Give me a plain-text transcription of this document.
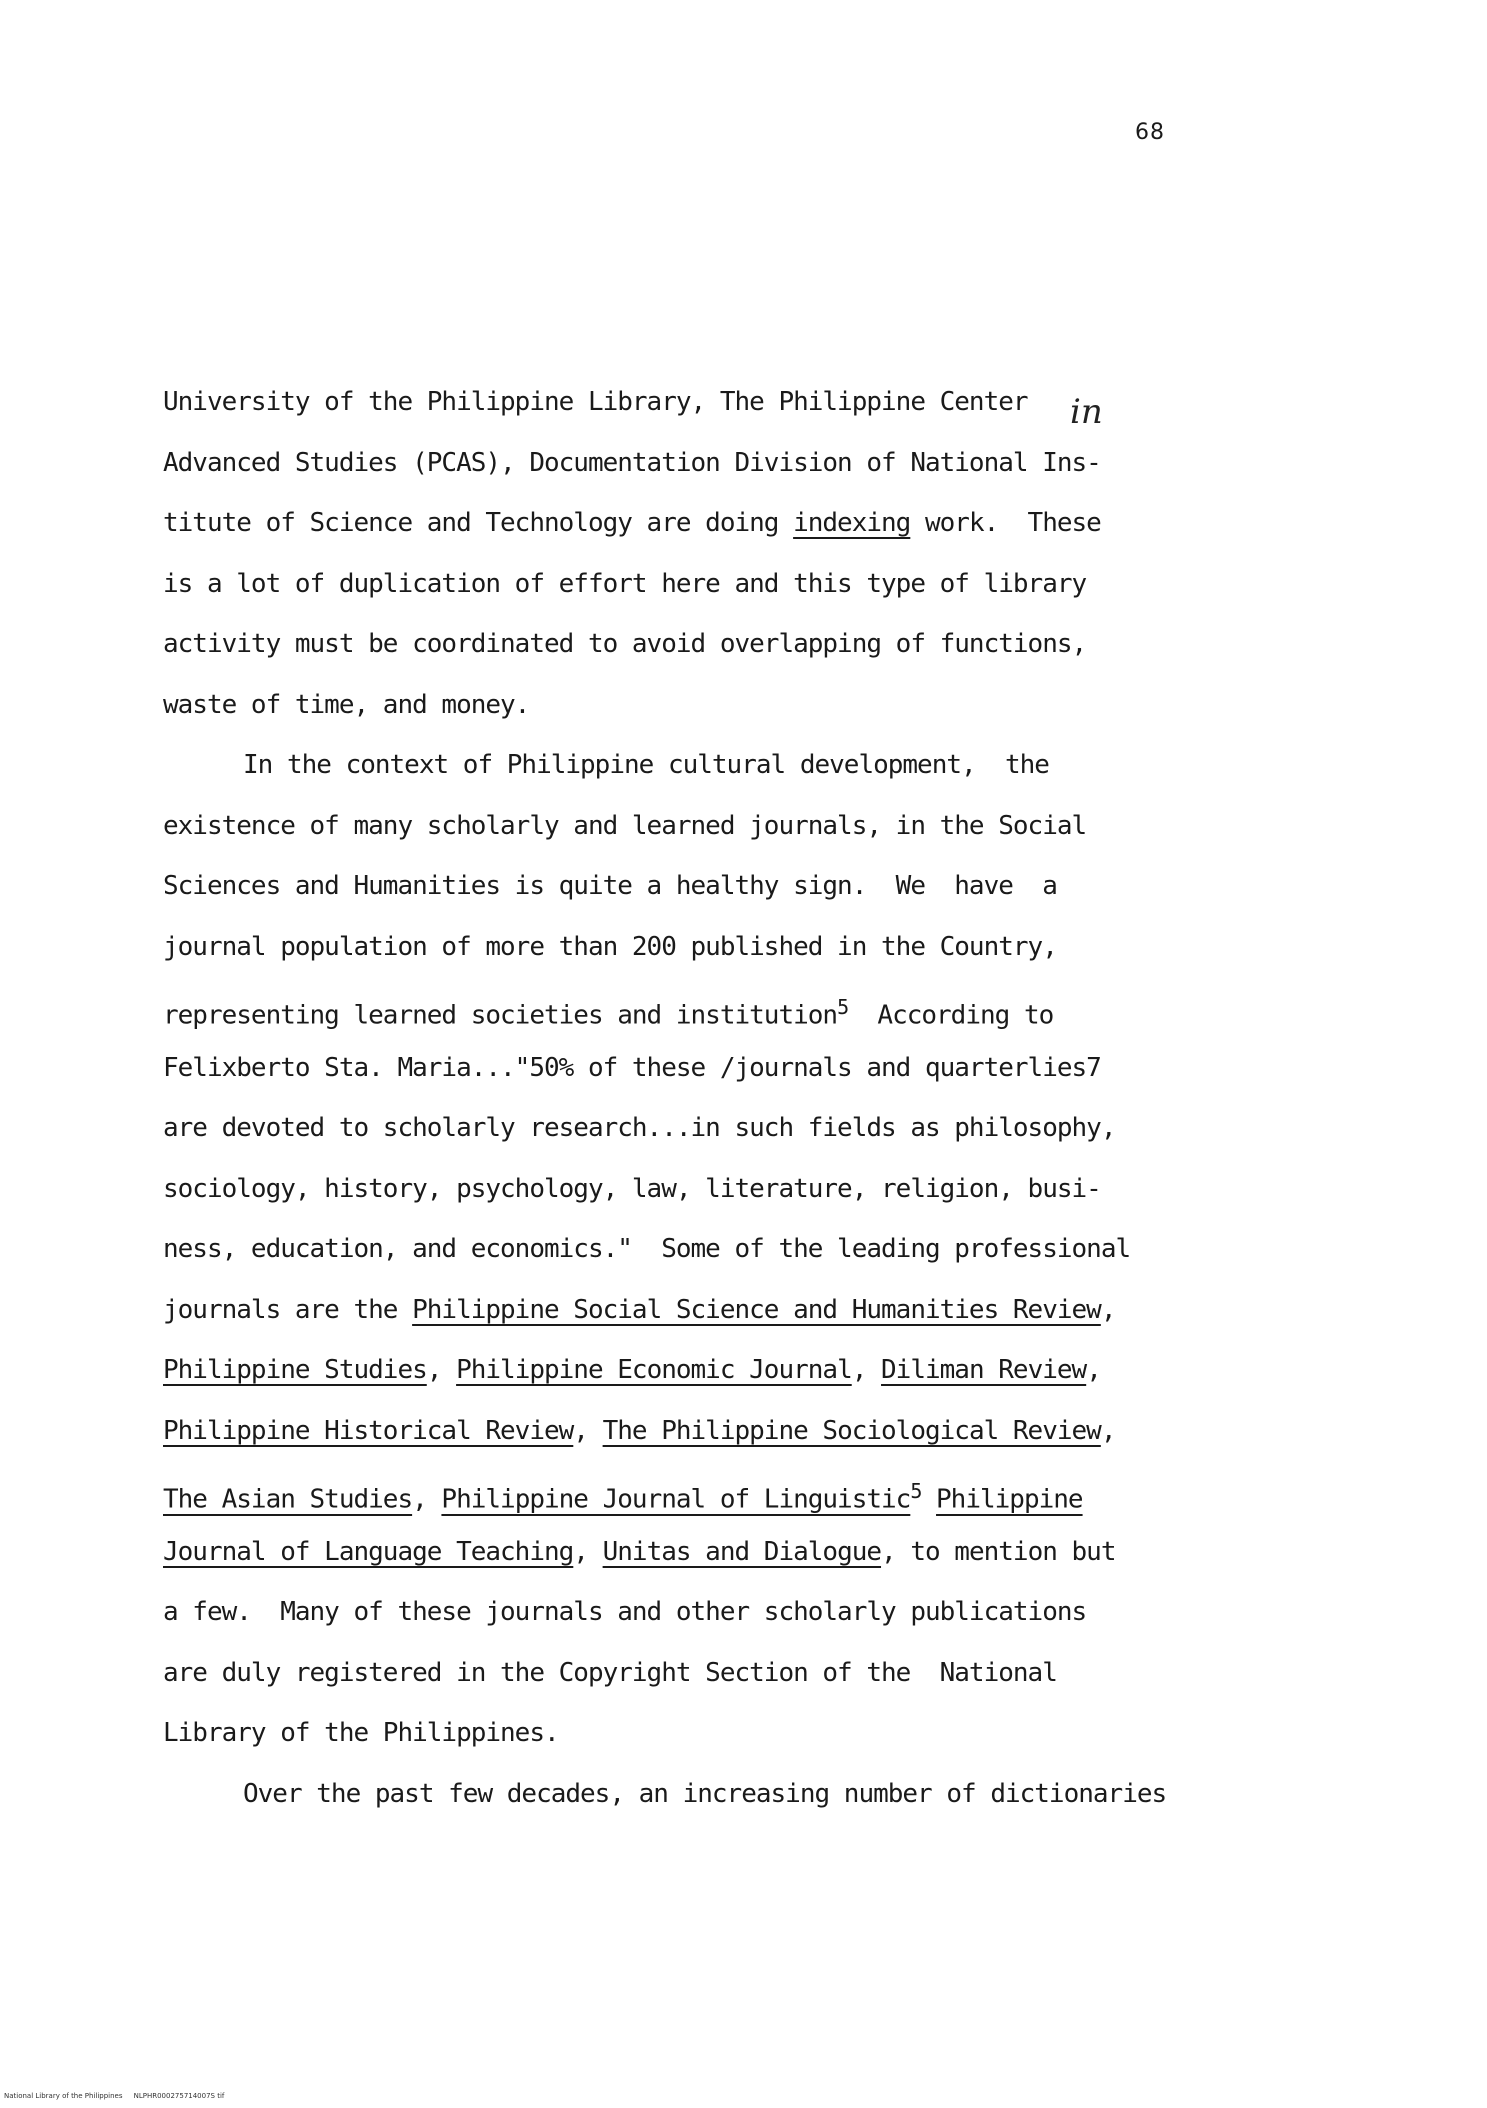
68
University of the Philippine Library, The Philippine Center
Advanced Studies (PCAS), Documentation Division of National Ins-
titute of Science and Technology are doing indexing work.  These
is a lot of duplication of effort here and this type of library
activity must be coordinated to avoid overlapping of functions,
waste of time, and money.
In the context of Philippine cultural development,  the
existence of many scholarly and learned journals, in the Social
Sciences and Humanities is quite a healthy sign.  We  have  a
journal population of more than 200 published in the Country,
representing learned societies and institution$^5$  According to
Felixberto Sta. Maria..."50% of these /journals and quarterlies7
are devoted to scholarly research...in such fields as philosophy,
sociology, history, psychology, law, literature, religion, busi-
ness, education, and economics."  Some of the leading professional
journals are the Philippine Social Science and Humanities Review,
Philippine Studies, Philippine Economic Journal, Diliman Review,
Philippine Historical Review, The Philippine Sociological Review,
The Asian Studies, Philippine Journal of Linguistic$^5$ Philippine
Journal of Language Teaching, Unitas and Dialogue, to mention but
a few.  Many of these journals and other scholarly publications
are duly registered in the Copyright Section of the  National
Library of the Philippines.
Over the past few decades, an increasing number of dictionaries
in
National Library of the Philippines     NLPHR000275714007S tif
